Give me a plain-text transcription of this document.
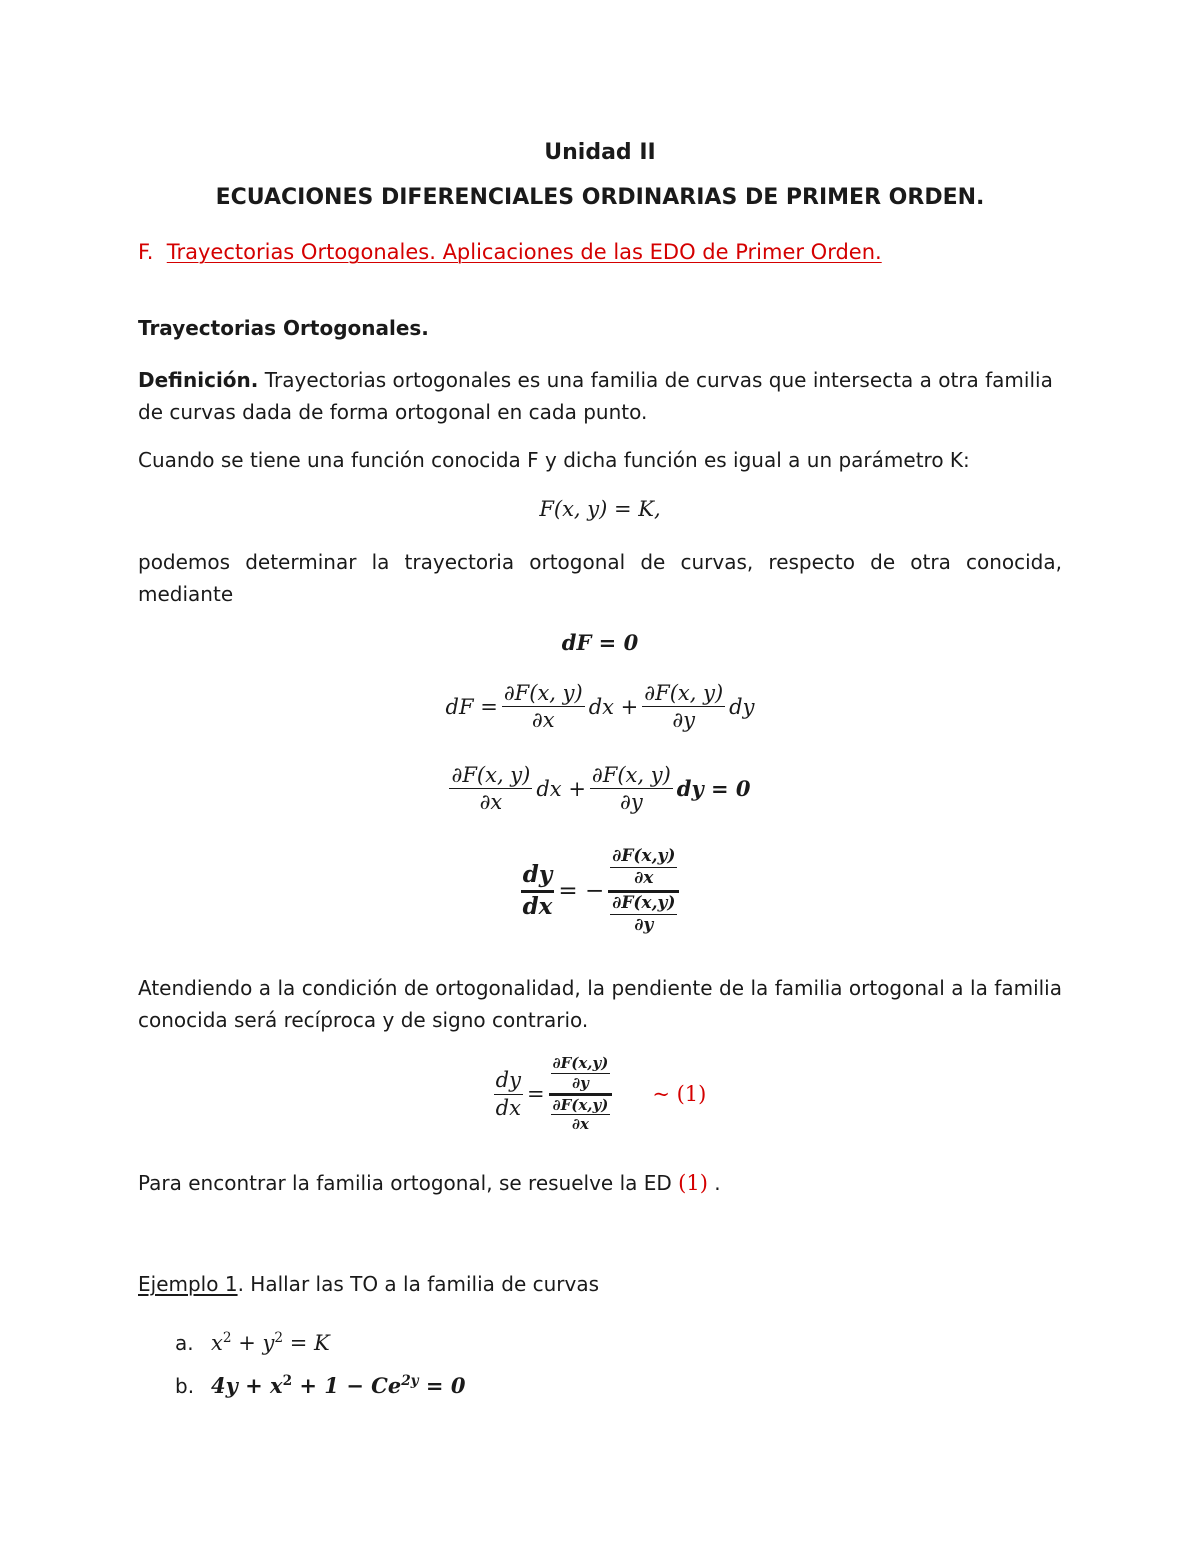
Unidad II
ECUACIONES DIFERENCIALES ORDINARIAS DE PRIMER ORDEN.
F. Trayectorias Ortogonales. Aplicaciones de las EDO de Primer Orden.
Trayectorias Ortogonales.
Definición. Trayectorias ortogonales es una familia de curvas que intersecta a otra familia de curvas dada de forma ortogonal en cada punto.
Cuando se tiene una función conocida F y dicha función es igual a un parámetro K:
F(x, y) = K,
podemos determinar la trayectoria ortogonal de curvas, respecto de otra conocida, mediante
dF = 0
dF = $\frac{\partial F(x, y)}{\partial x}$ dx + $\frac{\partial F(x, y)}{\partial y}$ dy
$\frac{\partial F(x, y)}{\partial x}$ dx + $\frac{\partial F(x, y)}{\partial y}$ dy = 0
$\frac{dy}{dx}$ = − $\frac{\frac{\partial F(x,y)}{\partial x}}{\frac{\partial F(x,y)}{\partial y}}$
Atendiendo a la condición de ortogonalidad, la pendiente de la familia ortogonal a la familia conocida será recíproca y de signo contrario.
$\frac{dy}{dx} = \frac{\frac{\partial F(x,y)}{\partial y}}{\frac{\partial F(x,y)}{\partial x}}$ ~ (1)
Para encontrar la familia ortogonal, se resuelve la ED (1) .
Ejemplo 1. Hallar las TO a la familia de curvas
a. $x^2 + y^2 = K$
b. $4y + x^2 + 1 - Ce^{2y} = 0$
